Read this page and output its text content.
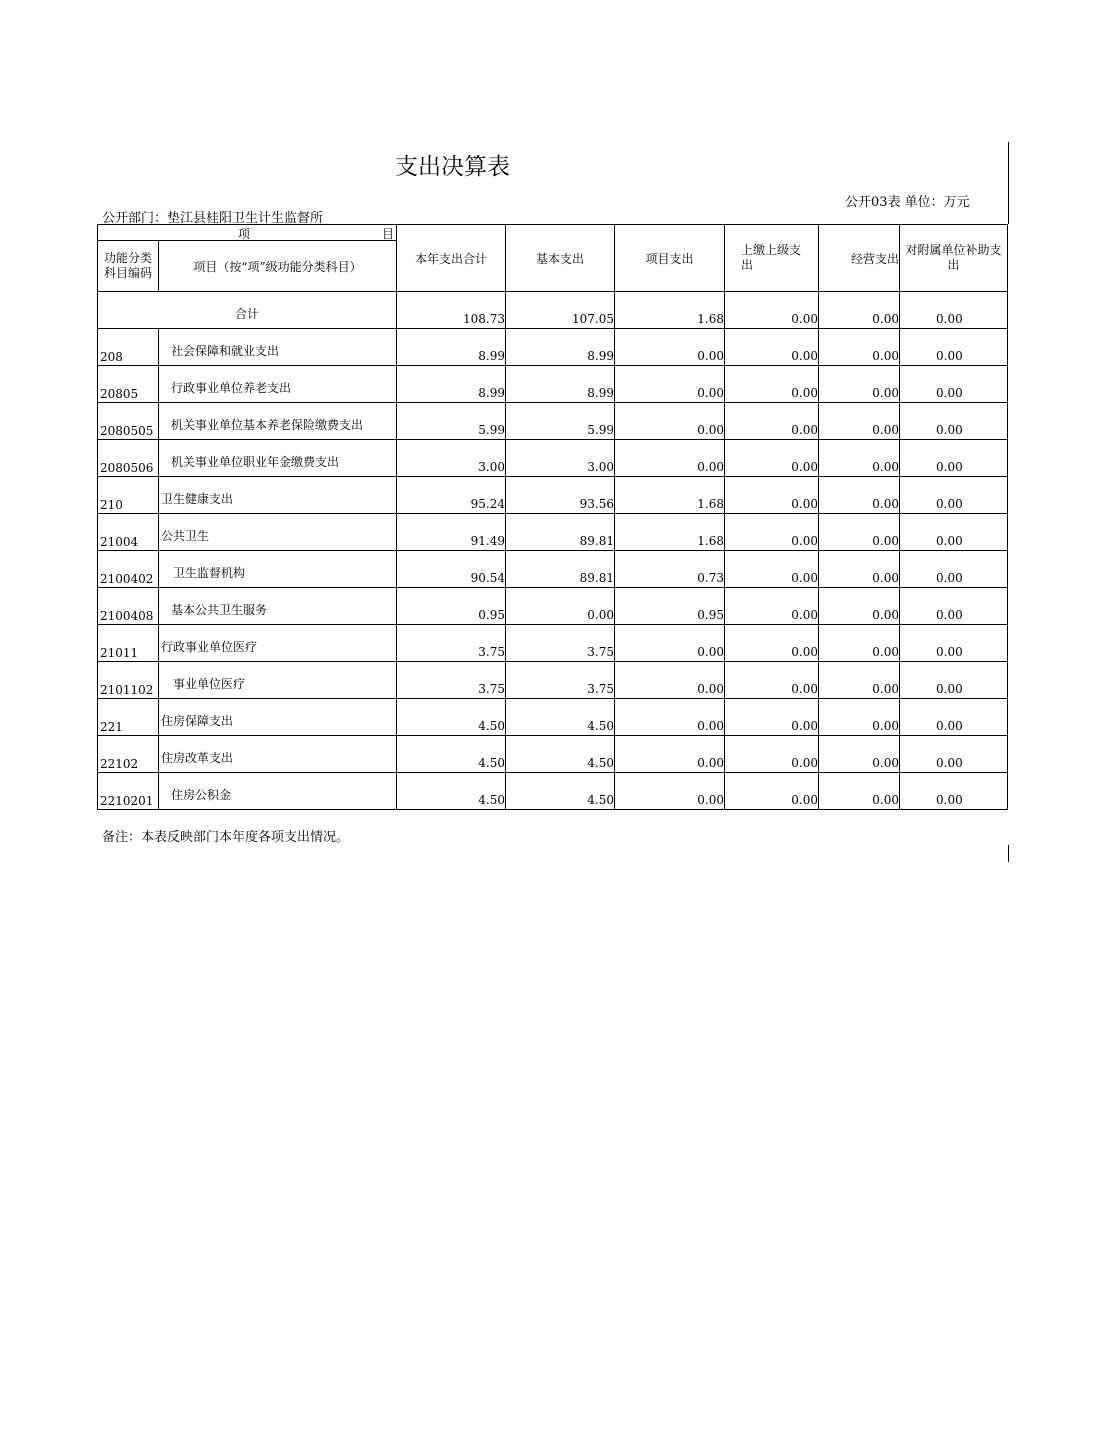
支出决算表
公开03表 单位：万元
公开部门：垫江县桂阳卫生计生监督所
项 目		本年支出合计	基本支出	项目支出	上缴上级支出	经营支出	对附属单位补助支出
功能分类科目编码	项目（按“项”级功能分类科目）						
合计		108.73	107.05	1.68	0.00	0.00	0.00
208	社会保障和就业支出	8.99	8.99	0.00	0.00	0.00	0.00
20805	行政事业单位养老支出	8.99	8.99	0.00	0.00	0.00	0.00
2080505	机关事业单位基本养老保险缴费支出	5.99	5.99	0.00	0.00	0.00	0.00
2080506	机关事业单位职业年金缴费支出	3.00	3.00	0.00	0.00	0.00	0.00
210	卫生健康支出	95.24	93.56	1.68	0.00	0.00	0.00
21004	公共卫生	91.49	89.81	1.68	0.00	0.00	0.00
2100402	卫生监督机构	90.54	89.81	0.73	0.00	0.00	0.00
2100408	基本公共卫生服务	0.95	0.00	0.95	0.00	0.00	0.00
21011	行政事业单位医疗	3.75	3.75	0.00	0.00	0.00	0.00
2101102	事业单位医疗	3.75	3.75	0.00	0.00	0.00	0.00
221	住房保障支出	4.50	4.50	0.00	0.00	0.00	0.00
22102	住房改革支出	4.50	4.50	0.00	0.00	0.00	0.00
2210201	住房公积金	4.50	4.50	0.00	0.00	0.00	0.00
备注：本表反映部门本年度各项支出情况。
